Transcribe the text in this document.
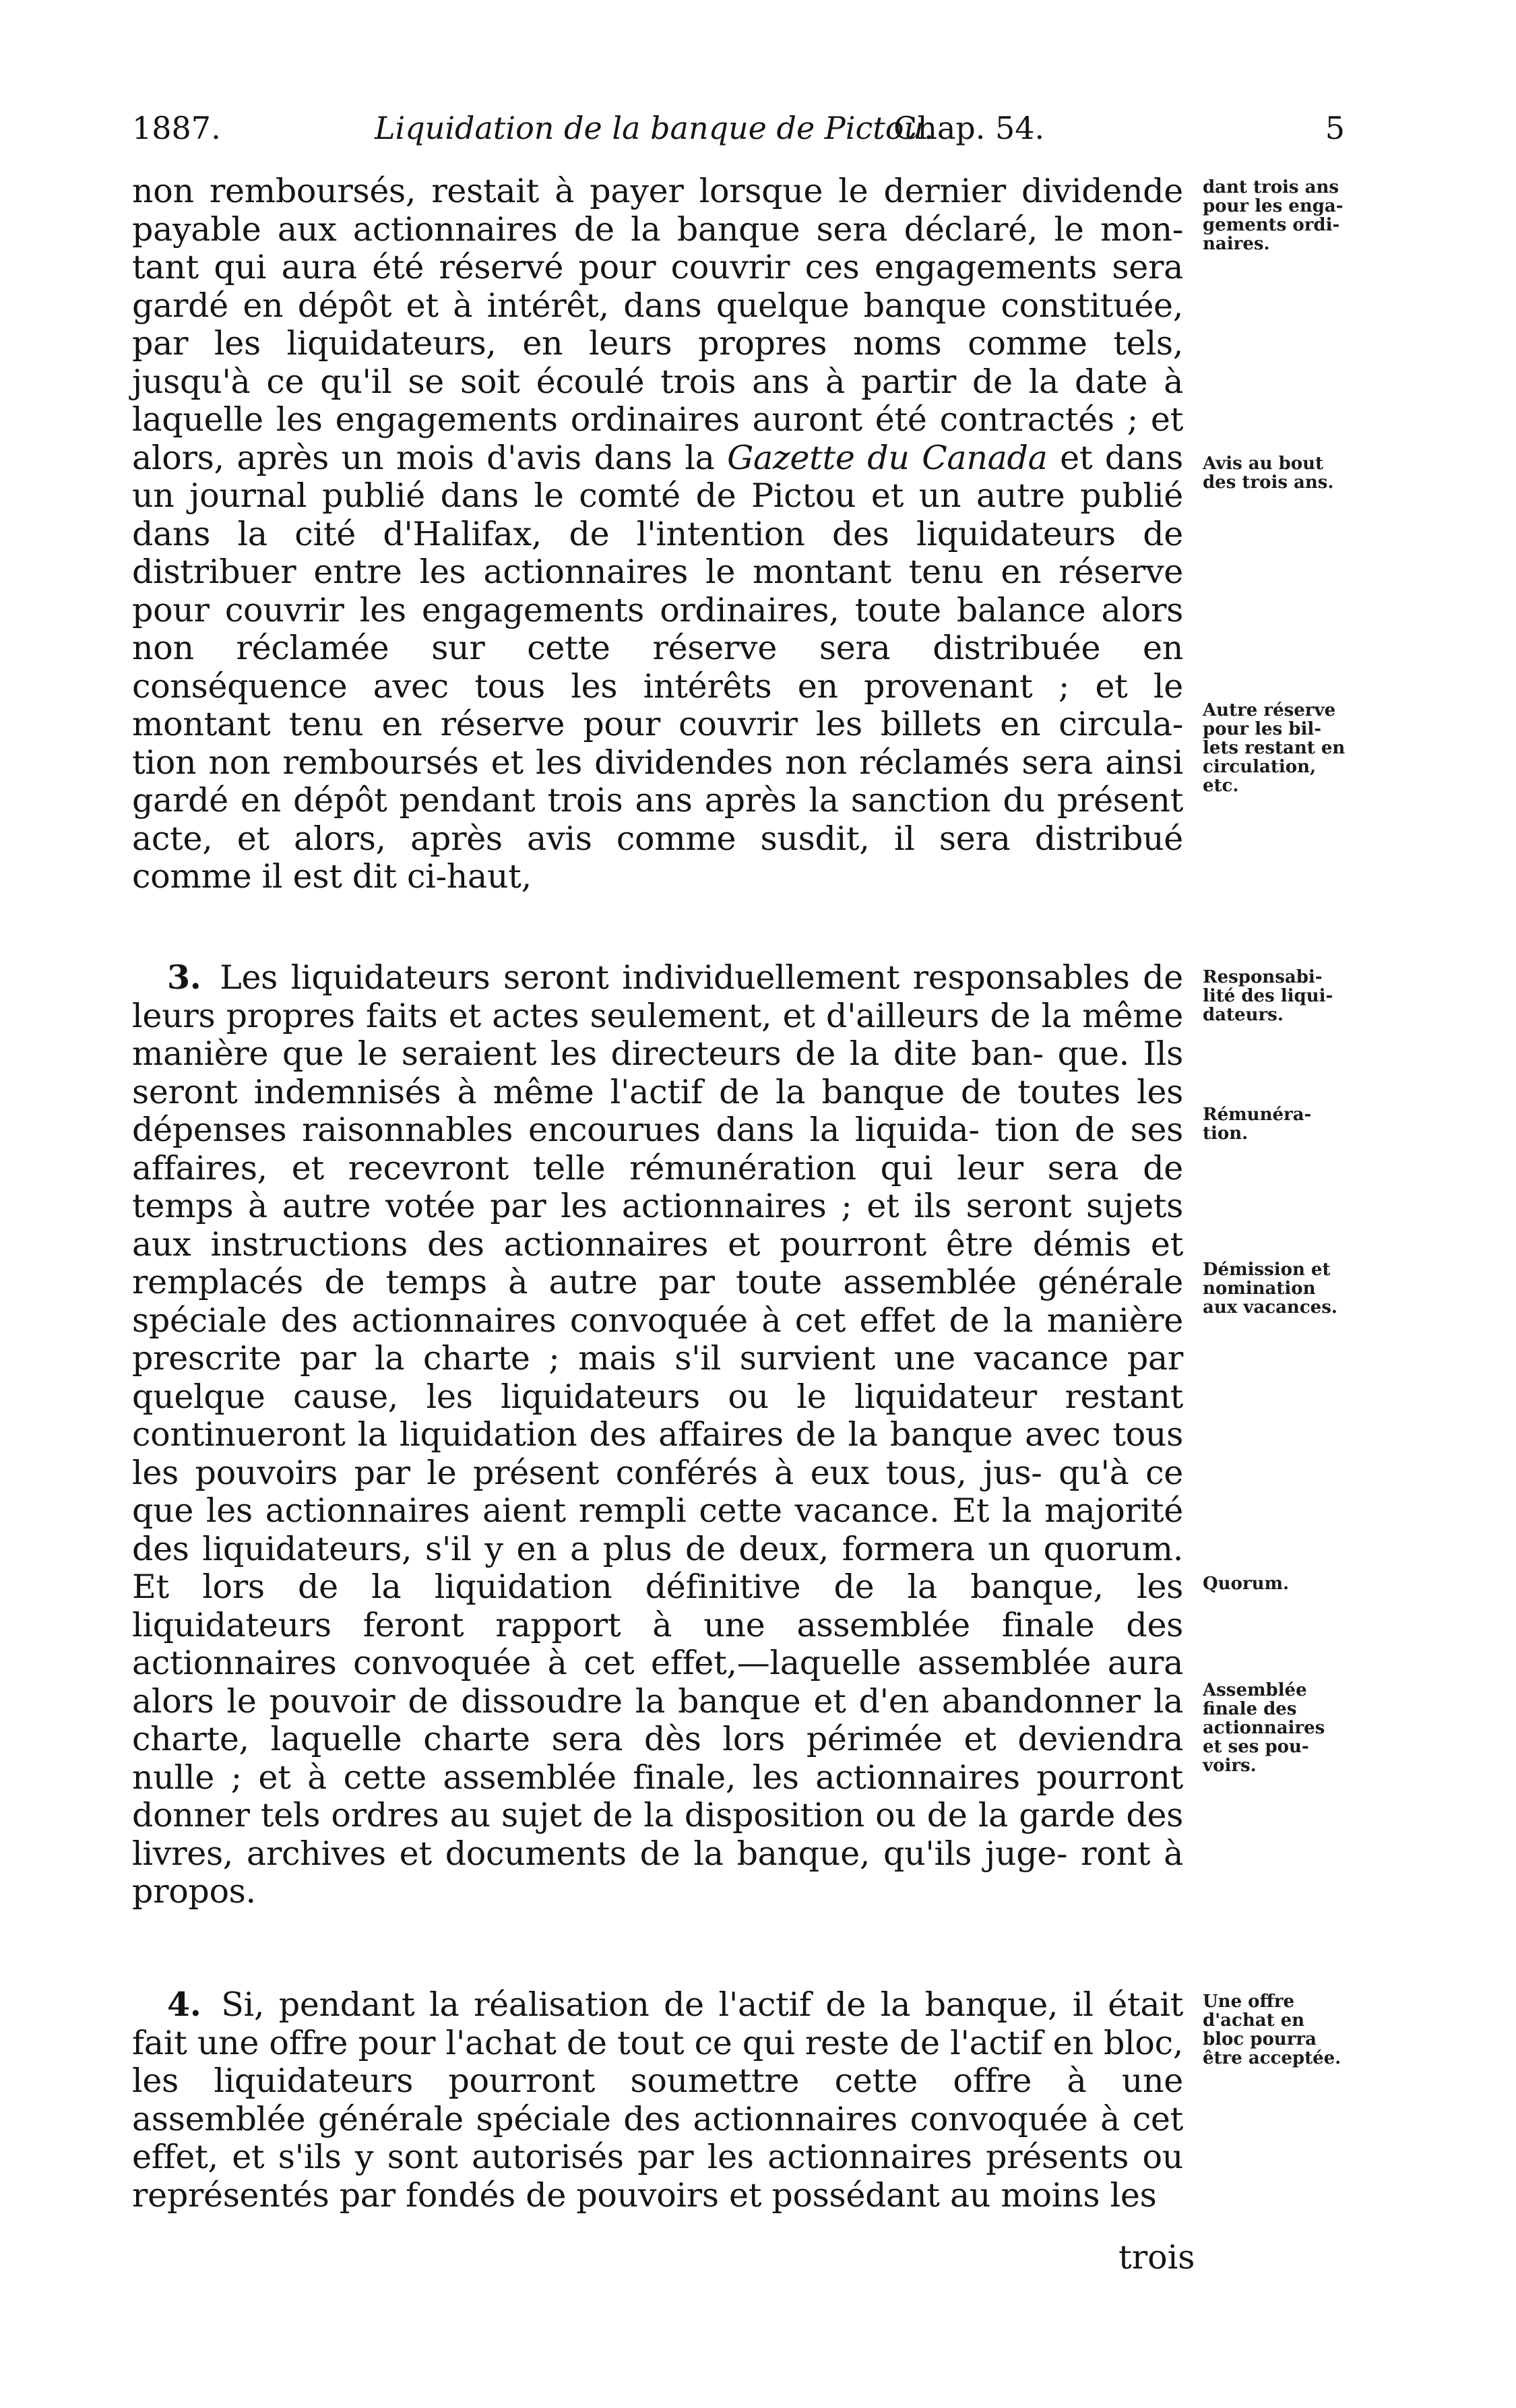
1887.	Liquidation de la banque de Pictou.
Chap. 54.	5

non remboursés, restait à payer lorsque le dernier dividende payable aux actionnaires de la banque sera déclaré, le mon- tant qui aura été réservé pour couvrir ces engagements sera gardé en dépôt et à intérêt, dans quelque banque constituée, par les liquidateurs, en leurs propres noms comme tels, jusqu'à ce qu'il se soit écoulé trois ans à partir de la date à laquelle les engagements ordinaires auront été contractés ; et alors, après un mois d'avis dans la Gazette du Canada et dans un journal publié dans le comté de Pictou et un autre publié dans la cité d'Halifax, de l'intention des liquidateurs de distribuer entre les actionnaires le montant tenu en réserve pour couvrir les engagements ordinaires, toute balance alors non réclamée sur cette réserve sera distribuée en conséquence avec tous les intérêts en provenant ; et le montant tenu en réserve pour couvrir les billets en circula- tion non remboursés et les dividendes non réclamés sera ainsi gardé en dépôt pendant trois ans après la sanction du présent acte, et alors, après avis comme susdit, il sera distribué comme il est dit ci-haut,

3. Les liquidateurs seront individuellement responsables de leurs propres faits et actes seulement, et d'ailleurs de la même manière que le seraient les directeurs de la dite ban- que. Ils seront indemnisés à même l'actif de la banque de toutes les dépenses raisonnables encourues dans la liquida- tion de ses affaires, et recevront telle rémunération qui leur sera de temps à autre votée par les actionnaires ; et ils seront sujets aux instructions des actionnaires et pourront être démis et remplacés de temps à autre par toute assemblée générale spéciale des actionnaires convoquée à cet effet de la manière prescrite par la charte ; mais s'il survient une vacance par quelque cause, les liquidateurs ou le liquidateur restant continueront la liquidation des affaires de la banque avec tous les pouvoirs par le présent conférés à eux tous, jus- qu'à ce que les actionnaires aient rempli cette vacance. Et la majorité des liquidateurs, s'il y en a plus de deux, formera un quorum. Et lors de la liquidation définitive de la banque, les liquidateurs feront rapport à une assemblée finale des actionnaires convoquée à cet effet,—laquelle assemblée aura alors le pouvoir de dissoudre la banque et d'en abandonner la charte, laquelle charte sera dès lors périmée et deviendra nulle ; et à cette assemblée finale, les actionnaires pourront donner tels ordres au sujet de la disposition ou de la garde des livres, archives et documents de la banque, qu'ils juge- ront à propos.

4. Si, pendant la réalisation de l'actif de la banque, il était fait une offre pour l'achat de tout ce qui reste de l'actif en bloc, les liquidateurs pourront soumettre cette offre à une assemblée générale spéciale des actionnaires convoquée à cet effet, et s'ils y sont autorisés par les actionnaires présents ou représentés par fondés de pouvoirs et possédant au moins les

trois
dant trois ans
pour les enga-
gements ordi-
naires.
Avis au bout
des trois ans.
Autre réserve
pour les bil-
lets restant en
circulation,
etc.
Responsabi-
lité des liqui-
dateurs.
Rémunéra-
tion.
Démission et
nomination
aux vacances.
Quorum.
Assemblée
finale des
actionnaires
et ses pou-
voirs.
Une offre
d'achat en
bloc pourra
être acceptée.
